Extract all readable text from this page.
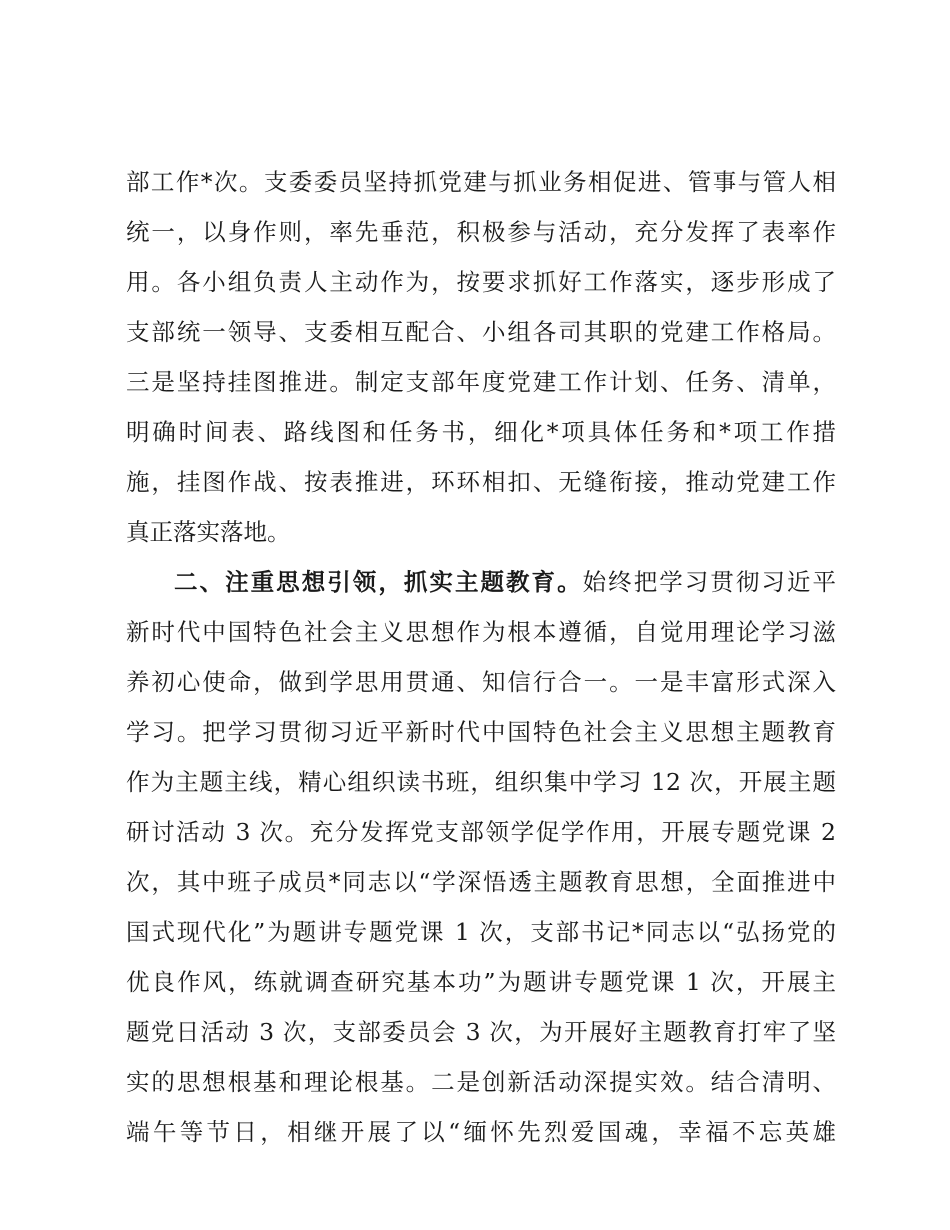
部工作*次。支委委员坚持抓党建与抓业务相促进、管事与管人相
统一，以身作则，率先垂范，积极参与活动，充分发挥了表率作
用。各小组负责人主动作为，按要求抓好工作落实，逐步形成了
支部统一领导、支委相互配合、小组各司其职的党建工作格局。
三是坚持挂图推进。制定支部年度党建工作计划、任务、清单，
明确时间表、路线图和任务书，细化*项具体任务和*项工作措
施，挂图作战、按表推进，环环相扣、无缝衔接，推动党建工作
真正落实落地。
二、注重思想引领，抓实主题教育。始终把学习贯彻习近平
新时代中国特色社会主义思想作为根本遵循，自觉用理论学习滋
养初心使命，做到学思用贯通、知信行合一。一是丰富形式深入
学习。把学习贯彻习近平新时代中国特色社会主义思想主题教育
作为主题主线，精心组织读书班，组织集中学习 12 次，开展主题
研讨活动 3 次。充分发挥党支部领学促学作用，开展专题党课 2
次，其中班子成员*同志以“学深悟透主题教育思想，全面推进中
国式现代化”为题讲专题党课 1 次，支部书记*同志以“弘扬党的
优良作风，练就调查研究基本功”为题讲专题党课 1 次，开展主
题党日活动 3 次，支部委员会 3 次，为开展好主题教育打牢了坚
实的思想根基和理论根基。二是创新活动深提实效。结合清明、
端午等节日，相继开展了以“缅怀先烈爱国魂，幸福不忘英雄
